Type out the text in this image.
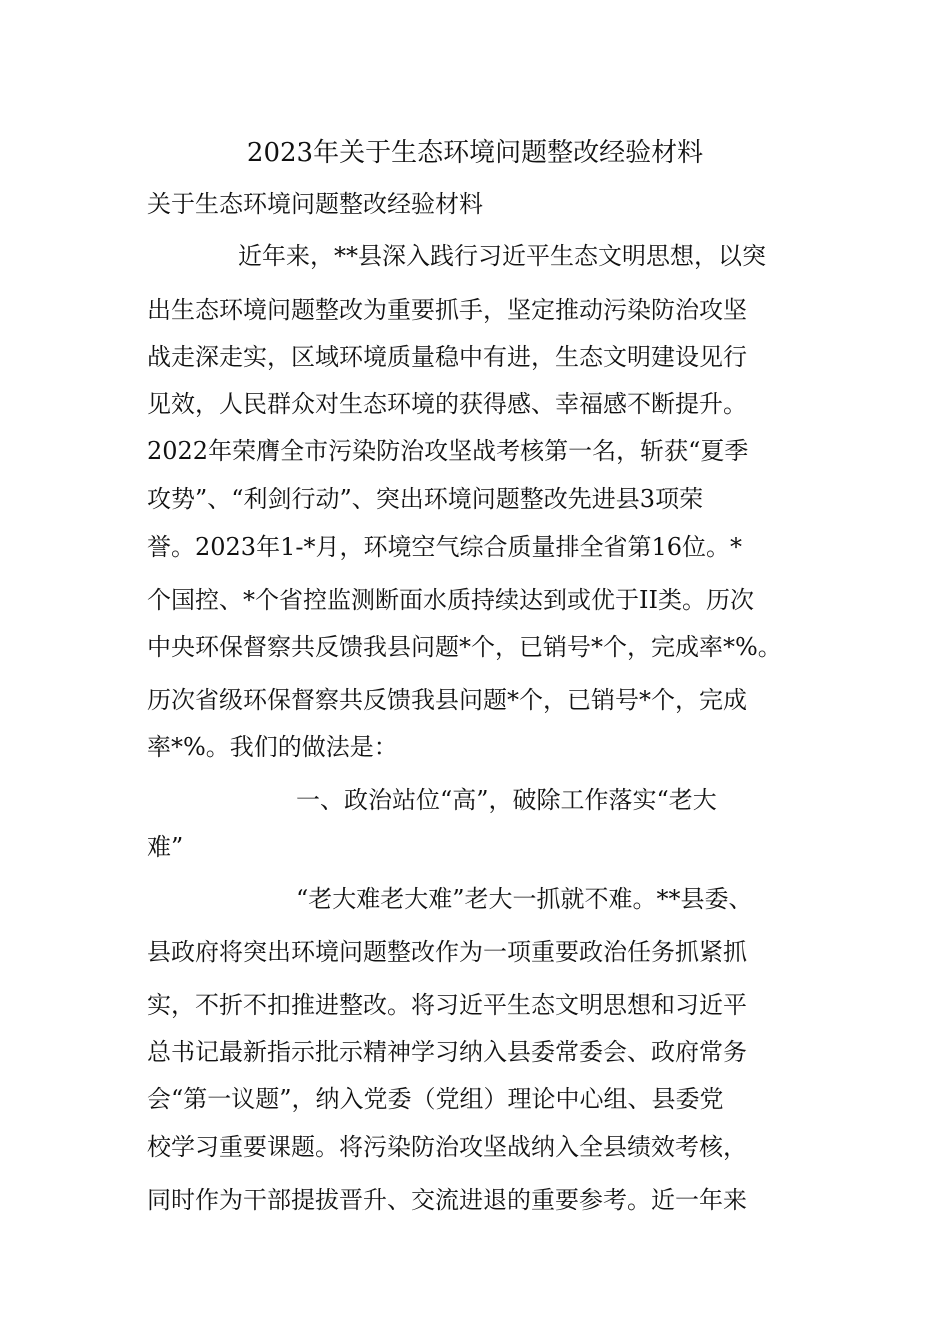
2023年关于生态环境问题整改经验材料
关于生态环境问题整改经验材料
近年来，**县深入践行习近平生态文明思想，以突
出生态环境问题整改为重要抓手，坚定推动污染防治攻坚
战走深走实，区域环境质量稳中有进，生态文明建设见行
见效，人民群众对生态环境的获得感、幸福感不断提升。
2022年荣膺全市污染防治攻坚战考核第一名，斩获“夏季
攻势”、“利剑行动”、突出环境问题整改先进县3项荣
誉。2023年1-*月，环境空气综合质量排全省第16位。*
个国控、*个省控监测断面水质持续达到或优于II类。历次
中央环保督察共反馈我县问题*个，已销号*个，完成率*%。
历次省级环保督察共反馈我县问题*个，已销号*个，完成
率*%。我们的做法是：
一、政治站位“高”，破除工作落实“老大
难”
“老大难老大难”老大一抓就不难。**县委、
县政府将突出环境问题整改作为一项重要政治任务抓紧抓
实，不折不扣推进整改。将习近平生态文明思想和习近平
总书记最新指示批示精神学习纳入县委常委会、政府常务
会“第一议题”，纳入党委（党组）理论中心组、县委党
校学习重要课题。将污染防治攻坚战纳入全县绩效考核，
同时作为干部提拔晋升、交流进退的重要参考。近一年来
